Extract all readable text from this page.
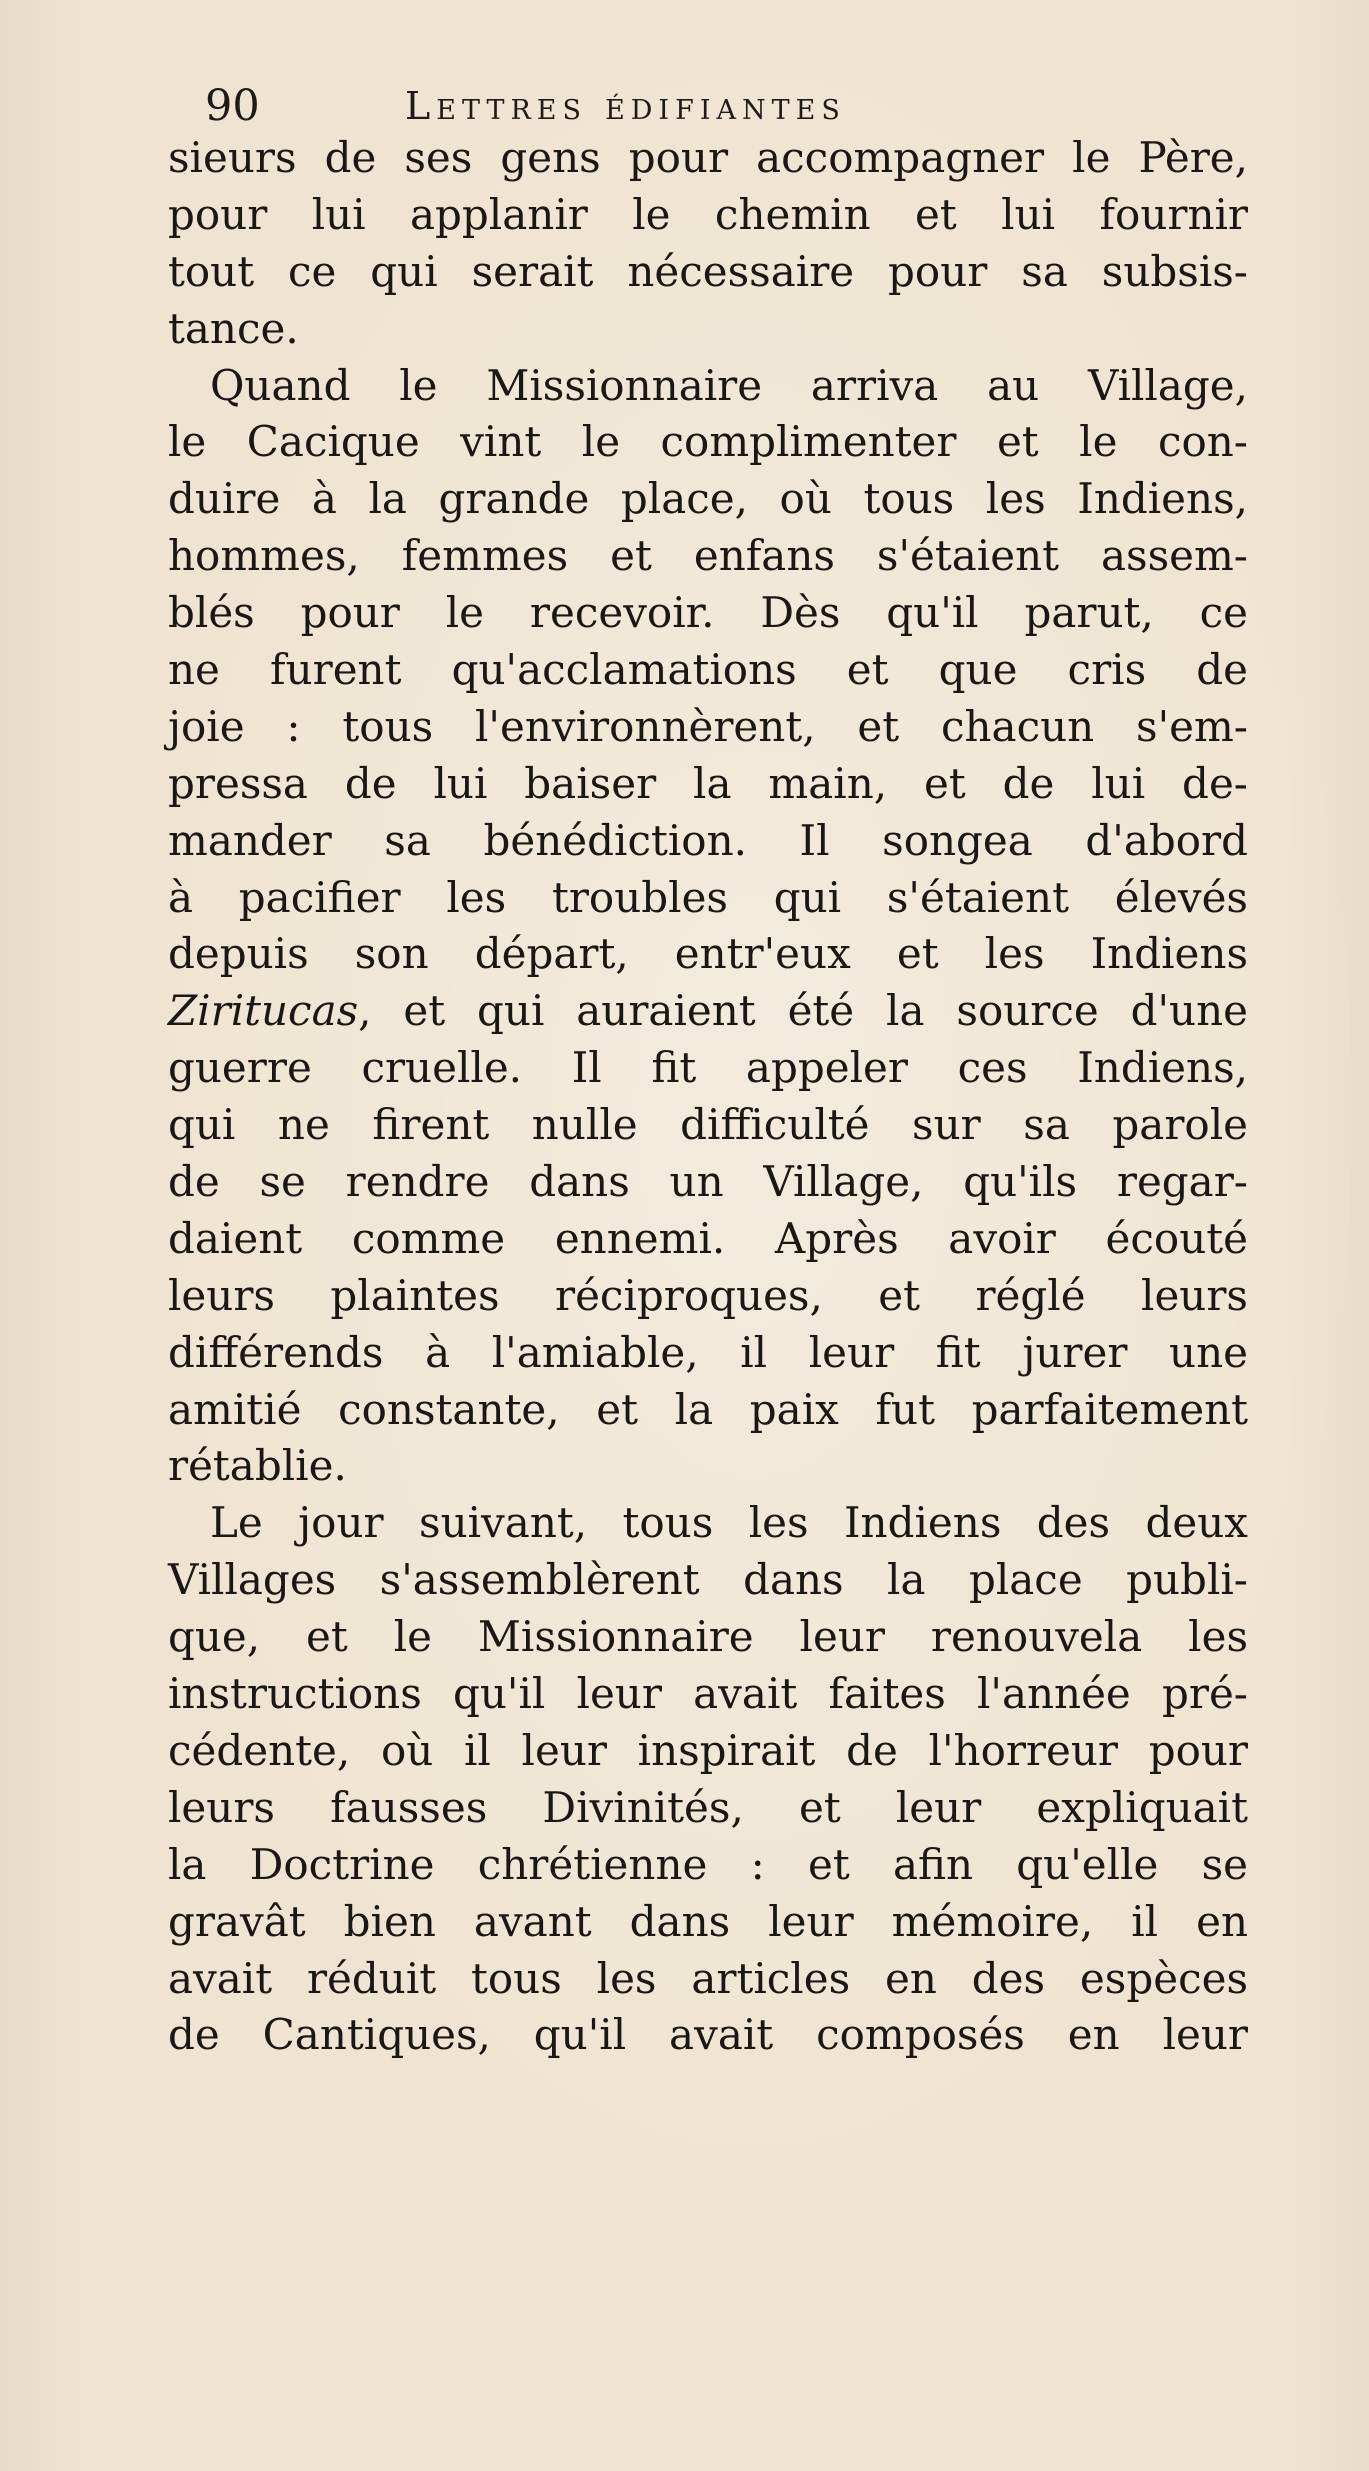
90	Lettres édifiantes
sieurs de ses gens pour accompagner le Père,
pour lui applanir le chemin et lui fournir
tout ce qui serait nécessaire pour sa subsis-
tance.
Quand le Missionnaire arriva au Village,
le Cacique vint le complimenter et le con-
duire à la grande place, où tous les Indiens,
hommes, femmes et enfans s'étaient assem-
blés pour le recevoir. Dès qu'il parut, ce
ne furent qu'acclamations et que cris de
joie : tous l'environnèrent, et chacun s'em-
pressa de lui baiser la main, et de lui de-
mander sa bénédiction. Il songea d'abord
à pacifier les troubles qui s'étaient élevés
depuis son départ, entr'eux et les Indiens
Zirituc​as, et qui auraient été la source d'une
guerre cruelle. Il fit appeler ces Indiens,
qui ne firent nulle difficulté sur sa parole
de se rendre dans un Village, qu'ils regar-
daient comme ennemi. Après avoir écouté
leurs plaintes réciproques, et réglé leurs
différends à l'amiable, il leur fit jurer une
amitié constante, et la paix fut parfaitement
rétablie.
Le jour suivant, tous les Indiens des deux
Villages s'assemblèrent dans la place publi-
que, et le Missionnaire leur renouvela les
instructions qu'il leur avait faites l'année pré-
cédente, où il leur inspirait de l'horreur pour
leurs fausses Divinités, et leur expliquait
la Doctrine chrétienne : et afin qu'elle se
gravât bien avant dans leur mémoire, il en
avait réduit tous les articles en des espèces
de Cantiques, qu'il avait composés en leur
